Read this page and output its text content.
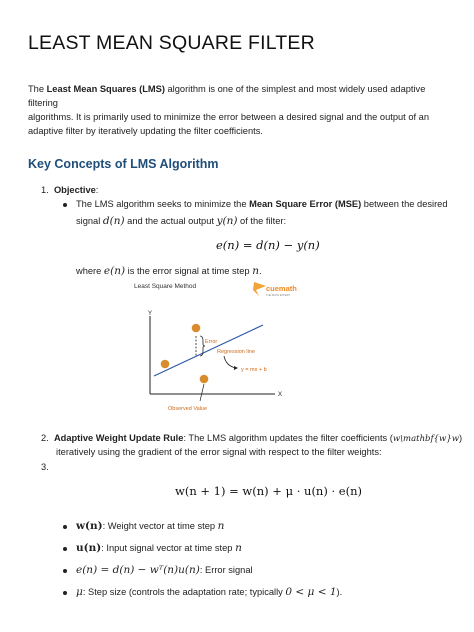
LEAST MEAN SQUARE FILTER
The Least Mean Squares (LMS) algorithm is one of the simplest and most widely used adaptive filtering
algorithms. It is primarily used to minimize the error between a desired signal and the output of an
adaptive filter by iteratively updating the filter coefficients.
Key Concepts of LMS Algorithm
1. Objective:
The LMS algorithm seeks to minimize the Mean Square Error (MSE) between the desired
signal d(n) and the actual output y(n) of the filter:
e(n) = d(n) − y(n)
where e(n) is the error signal at time step n.
Least Square Method	cuemath
THE MATH EXPERT
Y
X
Error
Regression line
y = mx + b
Observed Value
2. Adaptive Weight Update Rule: The LMS algorithm updates the filter coefficients (w\mathbf{w}w)
iteratively using the gradient of the error signal with respect to the filter weights:
3.
w(n + 1) = w(n) + μ · u(n) · e(n)
w(n): Weight vector at time step n
u(n): Input signal vector at time step n
e(n) = d(n) − wᵀ(n)u(n): Error signal
μ: Step size (controls the adaptation rate; typically 0 < μ < 1).
